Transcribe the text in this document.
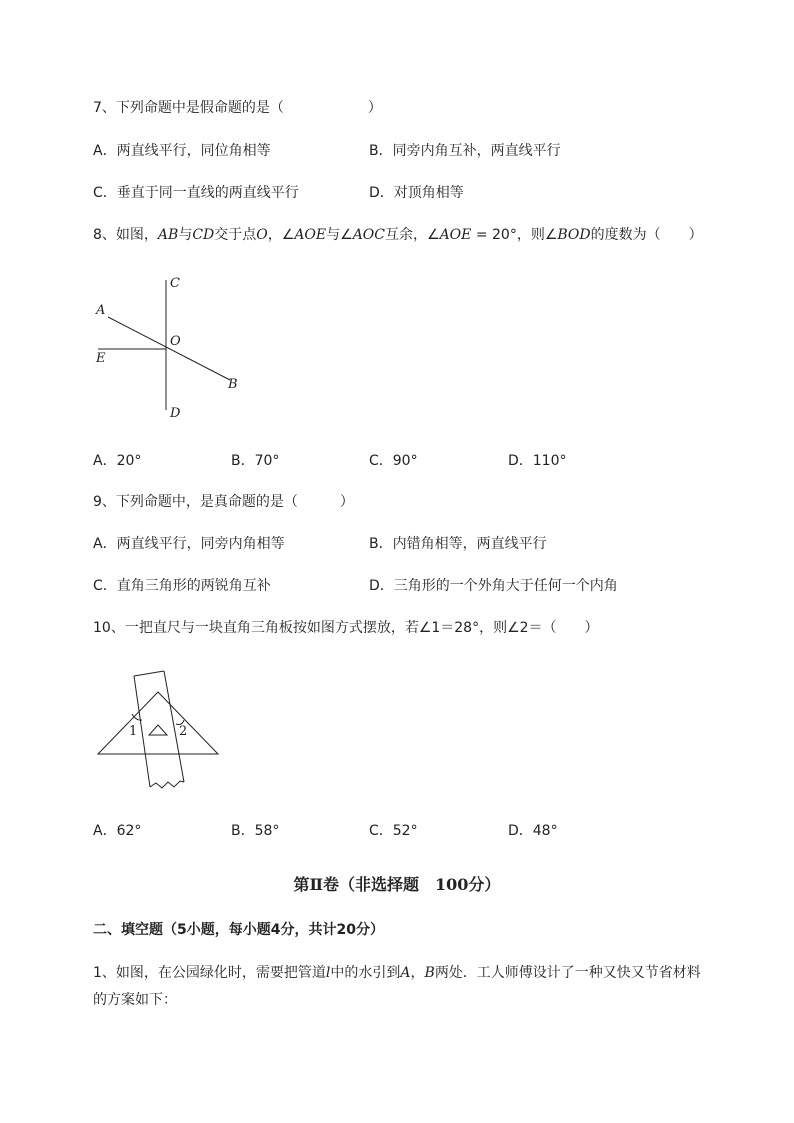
7、下列命题中是假命题的是（　　　　　　）
A．两直线平行，同位角相等	B．同旁内角互补，两直线平行
C．垂直于同一直线的两直线平行	D．对顶角相等
8、如图，AB与CD交于点O，∠AOE与∠AOC互余，∠AOE = 20°，则∠BOD的度数为（　　）
C
A
O
E
B
D
A．20°	B．70°	C．90°	D．110°
9、下列命题中，是真命题的是（　　　）
A．两直线平行，同旁内角相等	B．内错角相等，两直线平行
C．直角三角形的两锐角互补	D．三角形的一个外角大于任何一个内角
10、一把直尺与一块直角三角板按如图方式摆放，若∠1＝28°，则∠2＝（　　）
1	2
A．62°	B．58°	C．52°	D．48°
第Ⅱ卷（非选择题　100分）
二、填空题（5小题，每小题4分，共计20分）
1、如图，在公园绿化时，需要把管道l中的水引到A，B两处．工人师傅设计了一种又快又节省材料
的方案如下：
